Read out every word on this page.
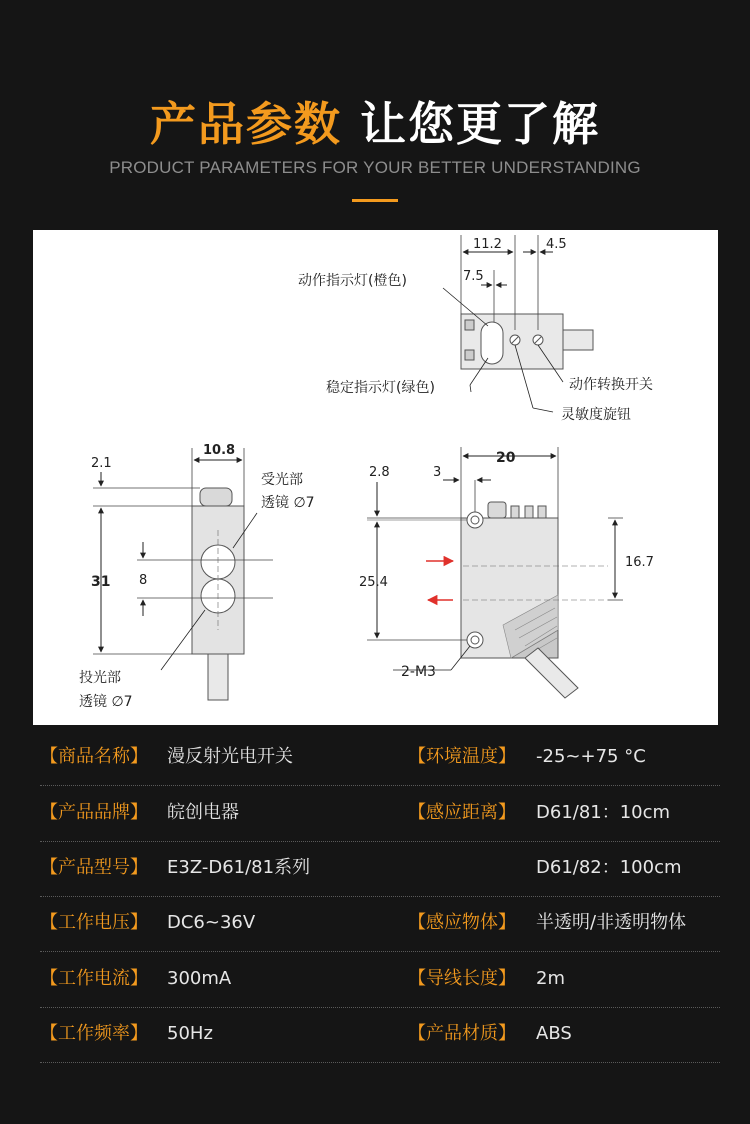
产品参数 让您更了解
PRODUCT PARAMETERS FOR YOUR BETTER UNDERSTANDING
11.2	4.5
7.5
动作指示灯(橙色)
稳定指示灯(绿色)	动作转换开关
灵敏度旋钮
2.1
31 8
10.8
受光部
透镜 ∅7
投光部
透镜 ∅7
20
3
2.8
25.4
16.7
2-M3
【商品名称】 漫反射光电开关	【环境温度】 -25~+75 °C
【产品品牌】 皖创电器	【感应距离】 D61/81：10cm
【产品型号】 E3Z-D61/81系列	D61/82：100cm
【工作电压】 DC6~36V	【感应物体】 半透明/非透明物体
【工作电流】 300mA	【导线长度】 2m
【工作频率】 50Hz	【产品材质】 ABS
